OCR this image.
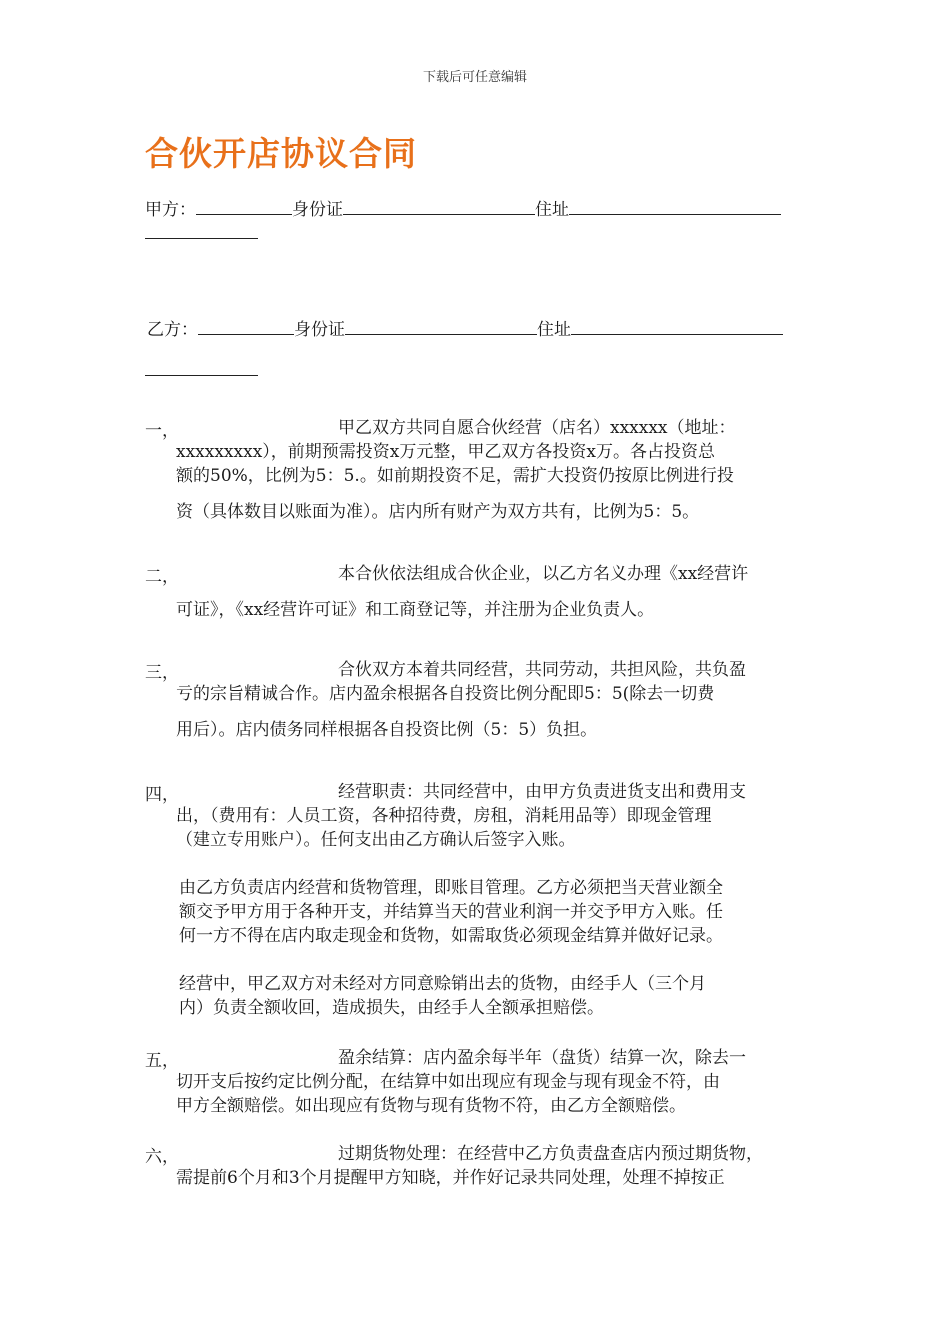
下载后可任意编辑
合伙开店协议合同
甲方：	身份证	住址
乙方：	身份证	住址
一，	甲乙双方共同自愿合伙经营（店名）xxxxxx（地址：
xxxxxxxxx），前期预需投资x万元整，甲乙双方各投资x万。各占投资总
额的50%，比例为5：5.。如前期投资不足，需扩大投资仍按原比例进行投
资（具体数目以账面为准）。店内所有财产为双方共有，比例为5：5。
二，	本合伙依法组成合伙企业，以乙方名义办理《xx经营许
可证》，《xx经营许可证》和工商登记等，并注册为企业负责人。
三，	合伙双方本着共同经营，共同劳动，共担风险，共负盈
亏的宗旨精诚合作。店内盈余根据各自投资比例分配即5：5(除去一切费
用后）。店内债务同样根据各自投资比例（5：5）负担。
四，	经营职责：共同经营中，由甲方负责进货支出和费用支
出，（费用有：人员工资，各种招待费，房租，消耗用品等）即现金管理
（建立专用账户）。任何支出由乙方确认后签字入账。
由乙方负责店内经营和货物管理，即账目管理。乙方必须把当天营业额全
额交予甲方用于各种开支，并结算当天的营业利润一并交予甲方入账。任
何一方不得在店内取走现金和货物，如需取货必须现金结算并做好记录。
经营中，甲乙双方对未经对方同意赊销出去的货物，由经手人（三个月
内）负责全额收回，造成损失，由经手人全额承担赔偿。
五，	盈余结算：店内盈余每半年（盘货）结算一次，除去一
切开支后按约定比例分配，在结算中如出现应有现金与现有现金不符，由
甲方全额赔偿。如出现应有货物与现有货物不符，由乙方全额赔偿。
六，	过期货物处理：在经营中乙方负责盘查店内预过期货物，
需提前6个月和3个月提醒甲方知晓，并作好记录共同处理，处理不掉按正
